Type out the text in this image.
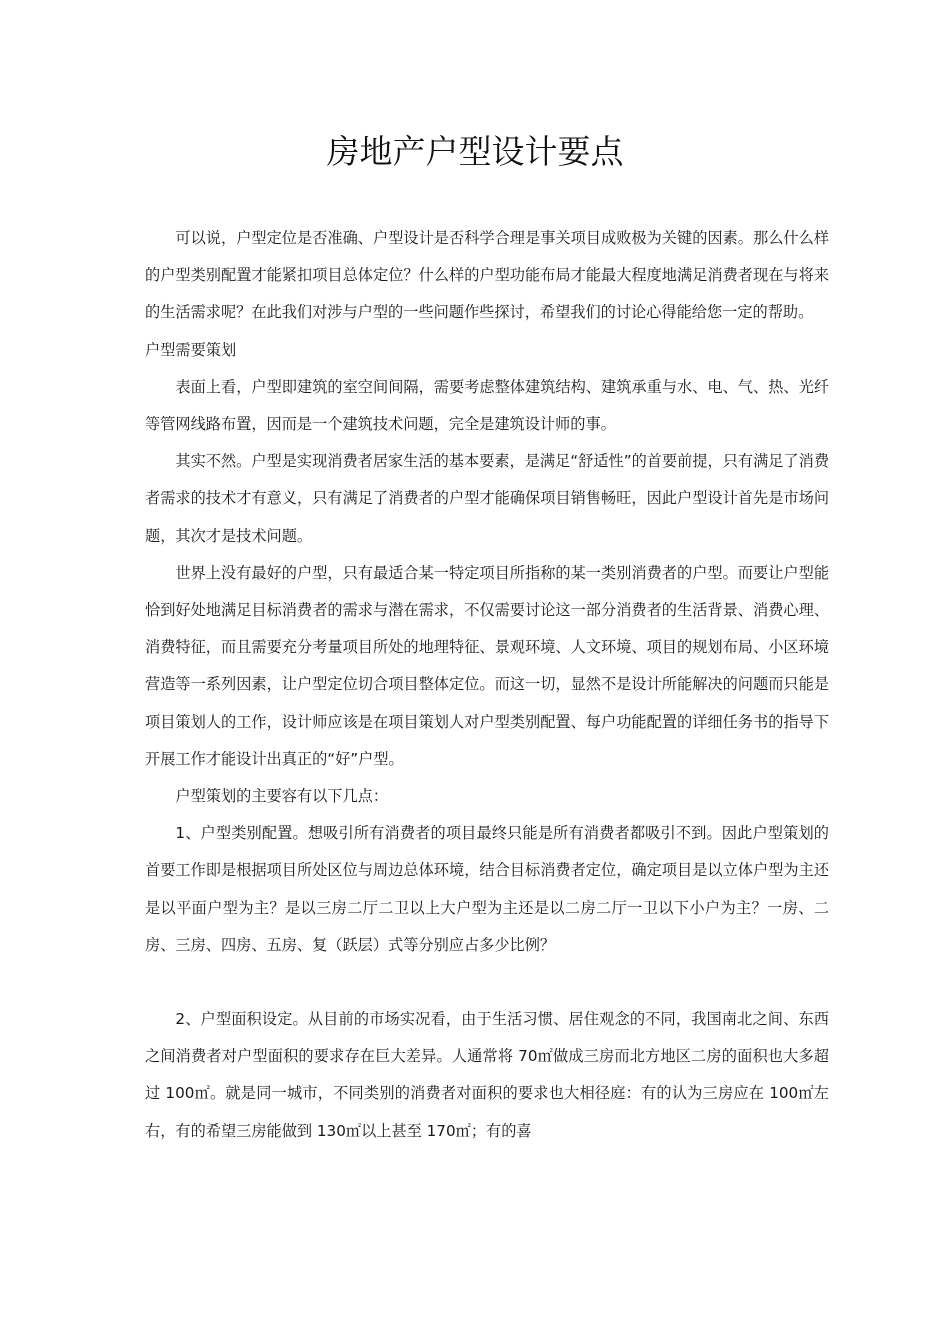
房地产户型设计要点

可以说，户型定位是否准确、户型设计是否科学合理是事关项目成败极为关键的因素。那么什么样的户型类别配置才能紧扣项目总体定位？什么样的户型功能布局才能最大程度地满足消费者现在与将来的生活需求呢？在此我们对涉与户型的一些问题作些探讨，希望我们的讨论心得能给您一定的帮助。

户型需要策划

表面上看，户型即建筑的室空间间隔，需要考虑整体建筑结构、建筑承重与水、电、气、热、光纤等管网线路布置，因而是一个建筑技术问题，完全是建筑设计师的事。

其实不然。户型是实现消费者居家生活的基本要素，是满足“舒适性”的首要前提，只有满足了消费者需求的技术才有意义，只有满足了消费者的户型才能确保项目销售畅旺，因此户型设计首先是市场问题，其次才是技术问题。

世界上没有最好的户型，只有最适合某一特定项目所指称的某一类别消费者的户型。而要让户型能恰到好处地满足目标消费者的需求与潜在需求，不仅需要讨论这一部分消费者的生活背景、消费心理、消费特征，而且需要充分考量项目所处的地理特征、景观环境、人文环境、项目的规划布局、小区环境营造等一系列因素，让户型定位切合项目整体定位。而这一切，显然不是设计所能解决的问题而只能是项目策划人的工作，设计师应该是在项目策划人对户型类别配置、每户功能配置的详细任务书的指导下开展工作才能设计出真正的“好”户型。

户型策划的主要容有以下几点：

1、户型类别配置。想吸引所有消费者的项目最终只能是所有消费者都吸引不到。因此户型策划的首要工作即是根据项目所处区位与周边总体环境，结合目标消费者定位，确定项目是以立体户型为主还是以平面户型为主？是以三房二厅二卫以上大户型为主还是以二房二厅一卫以下小户为主？一房、二房、三房、四房、五房、复（跃层）式等分别应占多少比例？

2、户型面积设定。从目前的市场实况看，由于生活习惯、居住观念的不同，我国南北之间、东西之间消费者对户型面积的要求存在巨大差异。人通常将 70㎡做成三房而北方地区二房的面积也大多超过 100㎡。就是同一城市，不同类别的消费者对面积的要求也大相径庭：有的认为三房应在 100㎡左右，有的希望三房能做到 130㎡以上甚至 170㎡；有的喜
